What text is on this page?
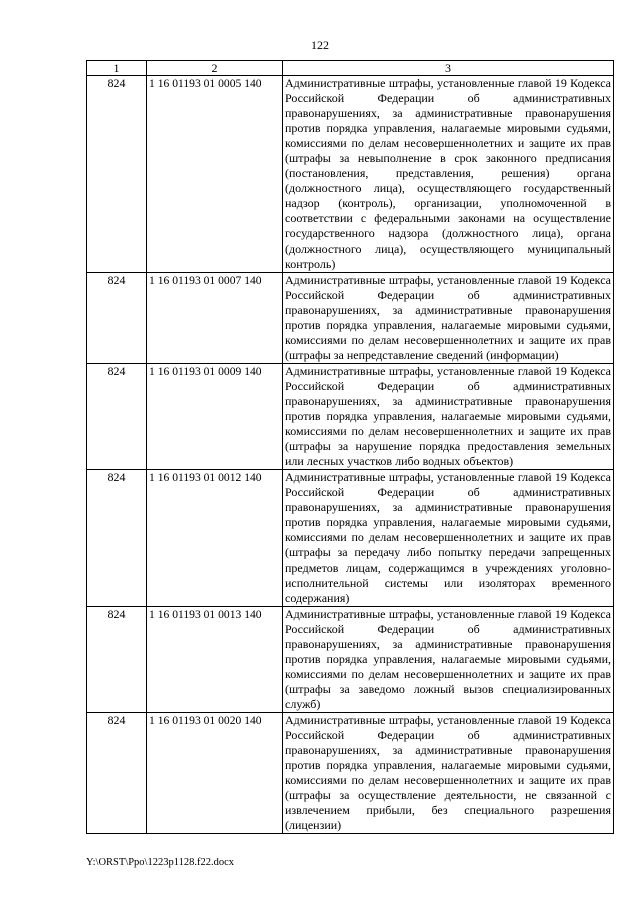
122
1	2	3
824	1 16 01193 01 0005 140	Административные штрафы, установленные главой 19 Кодекса Российской Федерации об административных правонарушениях, за административные правонарушения против порядка управления, налагаемые мировыми судьями, комиссиями по делам несовершеннолетних и защите их прав (штрафы за невыполнение в срок законного предписания (постановления, представления, решения) органа (должностного лица), осуществляющего государственный надзор (контроль), организации, уполномоченной в соответствии с федеральными законами на осуществление государственного надзора (должностного лица), органа (должностного лица), осуществляющего муниципальный контроль)
824	1 16 01193 01 0007 140	Административные штрафы, установленные главой 19 Кодекса Российской Федерации об административных правонарушениях, за административные правонарушения против порядка управления, налагаемые мировыми судьями, комиссиями по делам несовершеннолетних и защите их прав (штрафы за непредставление сведений (информации)
824	1 16 01193 01 0009 140	Административные штрафы, установленные главой 19 Кодекса Российской Федерации об административных правонарушениях, за административные правонарушения против порядка управления, налагаемые мировыми судьями, комиссиями по делам несовершеннолетних и защите их прав (штрафы за нарушение порядка предоставления земельных или лесных участков либо водных объектов)
824	1 16 01193 01 0012 140	Административные штрафы, установленные главой 19 Кодекса Российской Федерации об административных правонарушениях, за административные правонарушения против порядка управления, налагаемые мировыми судьями, комиссиями по делам несовершеннолетних и защите их прав (штрафы за передачу либо попытку передачи запрещенных предметов лицам, содержащимся в учреждениях уголовно-исполнительной системы или изоляторах временного содержания)
824	1 16 01193 01 0013 140	Административные штрафы, установленные главой 19 Кодекса Российской Федерации об административных правонарушениях, за административные правонарушения против порядка управления, налагаемые мировыми судьями, комиссиями по делам несовершеннолетних и защите их прав (штрафы за заведомо ложный вызов специализированных служб)
824	1 16 01193 01 0020 140	Административные штрафы, установленные главой 19 Кодекса Российской Федерации об административных правонарушениях, за административные правонарушения против порядка управления, налагаемые мировыми судьями, комиссиями по делам несовершеннолетних и защите их прав (штрафы за осуществление деятельности, не связанной с извлечением прибыли, без специального разрешения (лицензии)
Y:\ORST\Ppo\1223p1128.f22.docx
